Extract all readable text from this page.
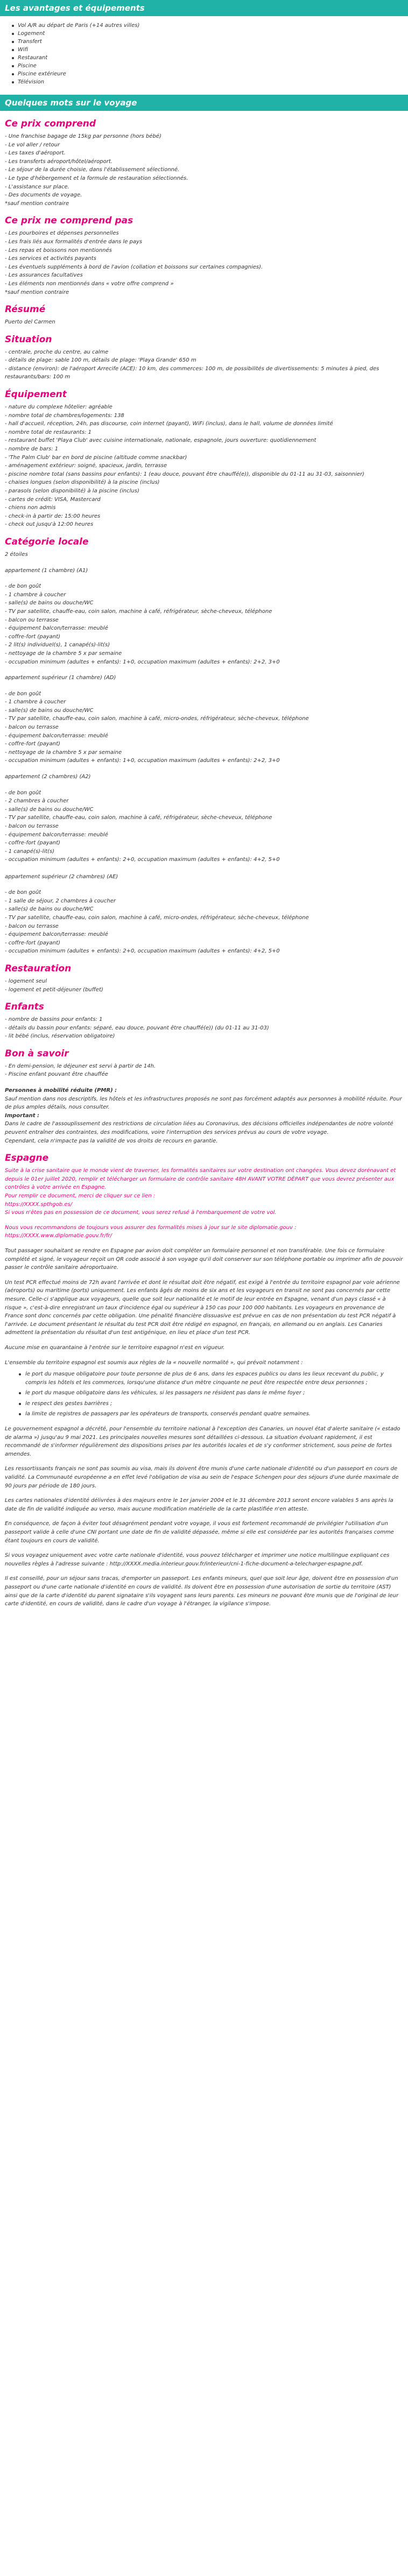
Les avantages et équipements
Vol A/R au départ de Paris (+14 autres villes)
Logement
Transfert
Wifi
Restaurant
Piscine
Piscine extérieure
Télévision
Quelques mots sur le voyage
Ce prix comprend
- Une franchise bagage de 15kg par personne (hors bébé)
- Le vol aller / retour
- Les taxes d'aéroport.
- Les transferts aéroport/hôtel/aéroport.
- Le séjour de la durée choisie, dans l'établissement sélectionné.
- Le type d'hébergement et la formule de restauration sélectionnés.
- L'assistance sur place.
- Des documents de voyage.
*sauf mention contraire
Ce prix ne comprend pas
- Les pourboires et dépenses personnelles
- Les frais liés aux formalités d'entrée dans le pays
- Les repas et boissons non mentionnés
- Les services et activités payants
- Les éventuels suppléments à bord de l'avion (collation et boissons sur certaines compagnies).
- Les assurances facultatives
- Les éléments non mentionnés dans « votre offre comprend »
*sauf mention contraire
Résumé
Puerto del Carmen
Situation
- centrale, proche du centre, au calme
- détails de plage: sable 100 m, détails de plage: 'Playa Grande' 650 m
- distance (environ): de l'aéroport Arrecife (ACE): 10 km, des commerces: 100 m, de possibilités de divertissements: 5 minutes à pied, des restaurants/bars: 100 m
Équipement
- nature du complexe hôtelier: agréable
- nombre total de chambres/logements: 138
- hall d'accueil, réception, 24h, pas discourse, coin internet (payant), WiFi (inclus), dans le hall, volume de données limité
- nombre total de restaurants: 1
- restaurant buffet 'Playa Club' avec cuisine internationale, nationale, espagnole, jours ouverture: quotidiennement
- nombre de bars: 1
- 'The Palm Club' bar en bord de piscine (altitude comme snackbar)
- aménagement extérieur: soigné, spacieux, jardin, terrasse
- piscine nombre total (sans bassins pour enfants): 1 (eau douce, pouvant être chauffé(e)), disponible du 01-11 au 31-03, saisonnier)
- chaises longues (selon disponibilité) à la piscine (inclus)
- parasols (selon disponibilité) à la piscine (inclus)
- cartes de crédit: VISA, Mastercard
- chiens non admis
- check-in à partir de: 15:00 heures
- check out jusqu'à 12:00 heures
Catégorie locale
2 étoiles
appartement (1 chambre) (A1)
- de bon goût
- 1 chambre à coucher
- salle(s) de bains ou douche/WC
- TV par satellite, chauffe-eau, coin salon, machine à café, réfrigérateur, sèche-cheveux, téléphone
- balcon ou terrasse
- équipement balcon/terrasse: meublé
- coffre-fort (payant)
- 2 lit(s) individuel(s), 1 canapé(s)-lit(s)
- nettoyage de la chambre 5 x par semaine
- occupation minimum (adultes + enfants): 1+0, occupation maximum (adultes + enfants): 2+2, 3+0
appartement supérieur (1 chambre) (AD)
- de bon goût
- 1 chambre à coucher
- salle(s) de bains ou douche/WC
- TV par satellite, chauffe-eau, coin salon, machine à café, micro-ondes, réfrigérateur, sèche-cheveux, téléphone
- balcon ou terrasse
- équipement balcon/terrasse: meublé
- coffre-fort (payant)
- nettoyage de la chambre 5 x par semaine
- occupation minimum (adultes + enfants): 1+0, occupation maximum (adultes + enfants): 2+2, 3+0
appartement (2 chambres) (A2)
- de bon goût
- 2 chambres à coucher
- salle(s) de bains ou douche/WC
- TV par satellite, chauffe-eau, coin salon, machine à café, réfrigérateur, sèche-cheveux, téléphone
- balcon ou terrasse
- équipement balcon/terrasse: meublé
- coffre-fort (payant)
- 1 canapé(s)-lit(s)
- occupation minimum (adultes + enfants): 2+0, occupation maximum (adultes + enfants): 4+2, 5+0

appartement supérieur (2 chambres) (AE)
- de bon goût
- 1 salle de séjour, 2 chambres à coucher
- salle(s) de bains ou douche/WC
- TV par satellite, chauffe-eau, coin salon, machine à café, micro-ondes, réfrigérateur, sèche-cheveux, téléphone
- balcon ou terrasse
- équipement balcon/terrasse: meublé
- coffre-fort (payant)
- occupation minimum (adultes + enfants): 2+0, occupation maximum (adultes + enfants): 4+2, 5+0
Restauration
- logement seul
- logement et petit-déjeuner (buffet)
Enfants
- nombre de bassins pour enfants: 1
- détails du bassin pour enfants: séparé, eau douce, pouvant être chauffé(e)) (du 01-11 au 31-03)
- lit bébé (inclus, réservation obligatoire)
Bon à savoir
- En demi-pension, le déjeuner est servi à partir de 14h.
- Piscine enfant pouvant être chauffée
Personnes à mobilité réduite (PMR) :
Sauf mention dans nos descriptifs, les hôtels et les infrastructures proposés ne sont pas forcément adaptés aux personnes à mobilité réduite. Pour de plus amples détails, nous consulter.
Important :
Dans le cadre de l'assouplissement des restrictions de circulation liées au Coronavirus, des décisions officielles indépendantes de notre volonté peuvent entraîner des contraintes, des modifications, voire l'interruption des services prévus au cours de votre voyage.
Cependant, cela n'impacte pas la validité de vos droits de recours en garantie.
Espagne
Suite à la crise sanitaire que le monde vient de traverser, les formalités sanitaires sur votre destination ont changées. Vous devez dorénavant et depuis le 01er juillet 2020, remplir et télécharger un formulaire de contrôle sanitaire 48H AVANT VOTRE DÉPART que vous devrez présenter aux contrôles à votre arrivée en Espagne.
Pour remplir ce document, merci de cliquer sur ce lien :
https://XXXX.spthgob.es/
Si vous n'êtes pas en possession de ce document, vous serez refusé à l'embarquement de votre vol.
Nous vous recommandons de toujours vous assurer des formalités mises à jour sur le site diplomatie.gouv : https://XXXX.www.diplomatie.gouv.fr/fr/

Tout passager souhaitant se rendre en Espagne par avion doit compléter un formulaire personnel et non transférable. Une fois ce formulaire complété et signé, le voyageur reçoit un QR code associé à son voyage qu'il doit conserver sur son téléphone portable ou imprimer afin de pouvoir passer le contrôle sanitaire aéroportuaire.

Un test PCR effectué moins de 72h avant l'arrivée et dont le résultat doit être négatif, est exigé à l'entrée du territoire espagnol par voie aérienne (aéroports) ou maritime (ports) uniquement. Les enfants âgés de moins de six ans et les voyageurs en transit ne sont pas concernés par cette mesure. Celle-ci s'applique aux voyageurs, quelle que soit leur nationalité et le motif de leur entrée en Espagne, venant d'un pays classé « à risque », c'est-à-dire enregistrant un taux d'incidence égal ou supérieur à 150 cas pour 100 000 habitants. Les voyageurs en provenance de France sont donc concernés par cette obligation. Une pénalité financière dissuasive est prévue en cas de non présentation du test PCR négatif à l'arrivée. Le document présentant le résultat du test PCR doit être rédigé en espagnol, en français, en allemand ou en anglais. Les Canaries admettent la présentation du résultat d'un test antigénique, en lieu et place d'un test PCR.

Aucune mise en quarantaine à l'entrée sur le territoire espagnol n'est en vigueur.

L'ensemble du territoire espagnol est soumis aux règles de la « nouvelle normalité », qui prévoit notamment :

le port du masque obligatoire pour toute personne de plus de 6 ans, dans les espaces publics ou dans les lieux recevant du public, y compris les hôtels et les commerces, lorsqu'une distance d'un mètre cinquante ne peut être respectée entre deux personnes ;
le port du masque obligatoire dans les véhicules, si les passagers ne résident pas dans le même foyer ;
le respect des gestes barrières ;
la limite de registres de passagers par les opérateurs de transports, conservés pendant quatre semaines.

Le gouvernement espagnol a décrété, pour l'ensemble du territoire national à l'exception des Canaries, un nouvel état d'alerte sanitaire (« estado de alarma ») jusqu'au 9 mai 2021. Les principales nouvelles mesures sont détaillées ci-dessous. La situation évoluant rapidement, il est recommandé de s'informer régulièrement des dispositions prises par les autorités locales et de s'y conformer strictement, sous peine de fortes amendes.

Les ressortissants français ne sont pas soumis au visa, mais ils doivent être munis d'une carte nationale d'identité ou d'un passeport en cours de validité. La Communauté européenne a en effet levé l'obligation de visa au sein de l'espace Schengen pour des séjours d'une durée maximale de 90 jours par période de 180 jours.

Les cartes nationales d'identité délivrées à des majeurs entre le 1er janvier 2004 et le 31 décembre 2013 seront encore valables 5 ans après la date de fin de validité indiquée au verso, mais aucune modification matérielle de la carte plastifiée n'en atteste.

En conséquence, de façon à éviter tout désagrément pendant votre voyage, il vous est fortement recommandé de privilégier l'utilisation d'un passeport valide à celle d'une CNI portant une date de fin de validité dépassée, même si elle est considérée par les autorités françaises comme étant toujours en cours de validité.

Si vous voyagez uniquement avec votre carte nationale d'identité, vous pouvez télécharger et imprimer une notice multilingue expliquant ces nouvelles règles à l'adresse suivante : http://XXXX.media.interieur.gouv.fr/interieur/cni-1-fiche-document-a-telecharger-espagne.pdf.

Il est conseillé, pour un séjour sans tracas, d'emporter un passeport. Les enfants mineurs, quel que soit leur âge, doivent être en possession d'un passeport ou d'une carte nationale d'identité en cours de validité. Ils doivent être en possession d'une autorisation de sortie du territoire (AST) ainsi que de la carte d'identité du parent signataire s'ils voyagent sans leurs parents. Les mineurs ne pouvant être munis que de l'original de leur carte d'identité, en cours de validité, dans le cadre d'un voyage à l'étranger, la vigilance s'impose.
